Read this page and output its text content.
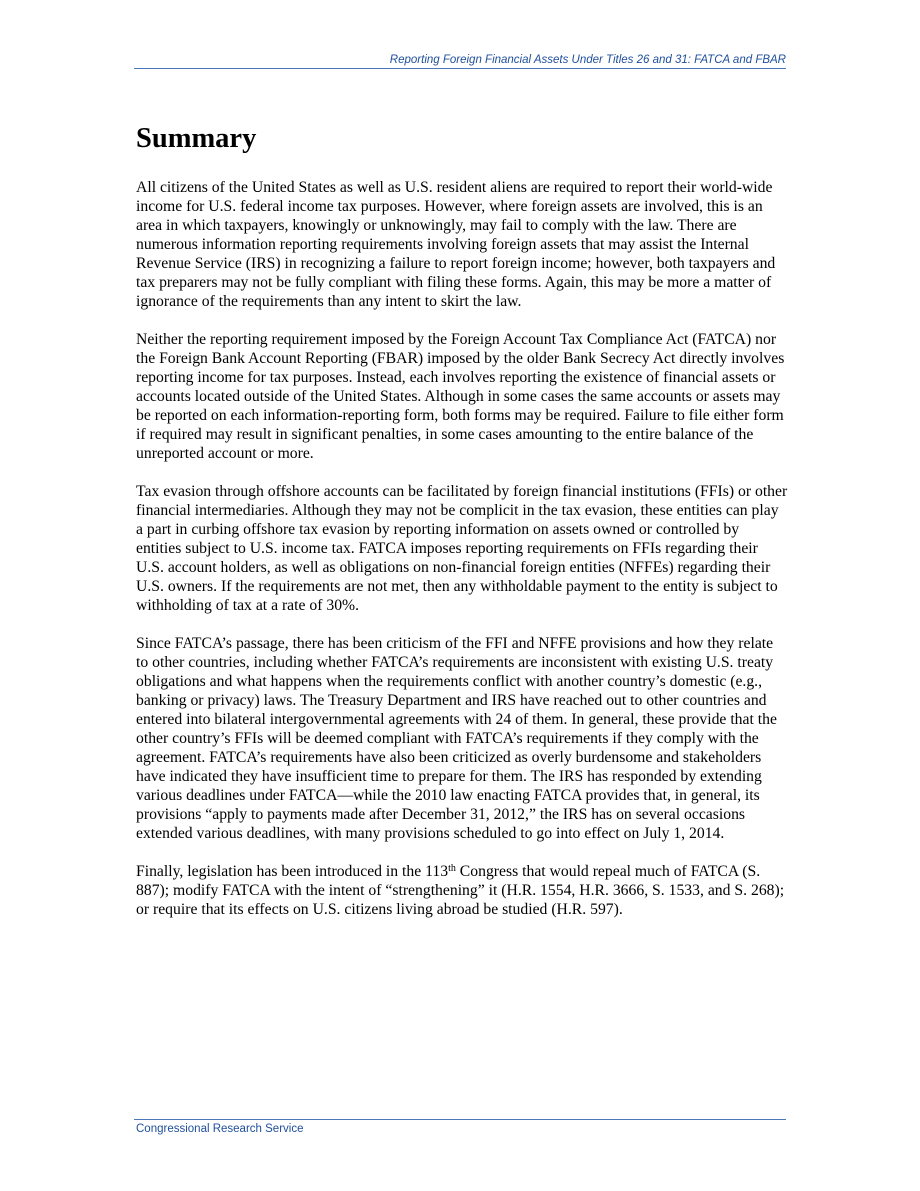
Reporting Foreign Financial Assets Under Titles 26 and 31: FATCA and FBAR
Summary

All citizens of the United States as well as U.S. resident aliens are required to report their world-wide income for U.S. federal income tax purposes. However, where foreign assets are involved, this is an area in which taxpayers, knowingly or unknowingly, may fail to comply with the law. There are numerous information reporting requirements involving foreign assets that may assist the Internal Revenue Service (IRS) in recognizing a failure to report foreign income; however, both taxpayers and tax preparers may not be fully compliant with filing these forms. Again, this may be more a matter of ignorance of the requirements than any intent to skirt the law.

Neither the reporting requirement imposed by the Foreign Account Tax Compliance Act (FATCA) nor the Foreign Bank Account Reporting (FBAR) imposed by the older Bank Secrecy Act directly involves reporting income for tax purposes. Instead, each involves reporting the existence of financial assets or accounts located outside of the United States. Although in some cases the same accounts or assets may be reported on each information-reporting form, both forms may be required. Failure to file either form if required may result in significant penalties, in some cases amounting to the entire balance of the unreported account or more.

Tax evasion through offshore accounts can be facilitated by foreign financial institutions (FFIs) or other financial intermediaries. Although they may not be complicit in the tax evasion, these entities can play a part in curbing offshore tax evasion by reporting information on assets owned or controlled by entities subject to U.S. income tax. FATCA imposes reporting requirements on FFIs regarding their U.S. account holders, as well as obligations on non-financial foreign entities (NFFEs) regarding their U.S. owners. If the requirements are not met, then any withholdable payment to the entity is subject to withholding of tax at a rate of 30%.

Since FATCA’s passage, there has been criticism of the FFI and NFFE provisions and how they relate to other countries, including whether FATCA’s requirements are inconsistent with existing U.S. treaty obligations and what happens when the requirements conflict with another country’s domestic (e.g., banking or privacy) laws. The Treasury Department and IRS have reached out to other countries and entered into bilateral intergovernmental agreements with 24 of them. In general, these provide that the other country’s FFIs will be deemed compliant with FATCA’s requirements if they comply with the agreement. FATCA’s requirements have also been criticized as overly burdensome and stakeholders have indicated they have insufficient time to prepare for them. The IRS has responded by extending various deadlines under FATCA—while the 2010 law enacting FATCA provides that, in general, its provisions “apply to payments made after December 31, 2012,” the IRS has on several occasions extended various deadlines, with many provisions scheduled to go into effect on July 1, 2014.

Finally, legislation has been introduced in the 113th Congress that would repeal much of FATCA (S. 887); modify FATCA with the intent of “strengthening” it (H.R. 1554, H.R. 3666, S. 1533, and S. 268); or require that its effects on U.S. citizens living abroad be studied (H.R. 597).

Congressional Research Service
